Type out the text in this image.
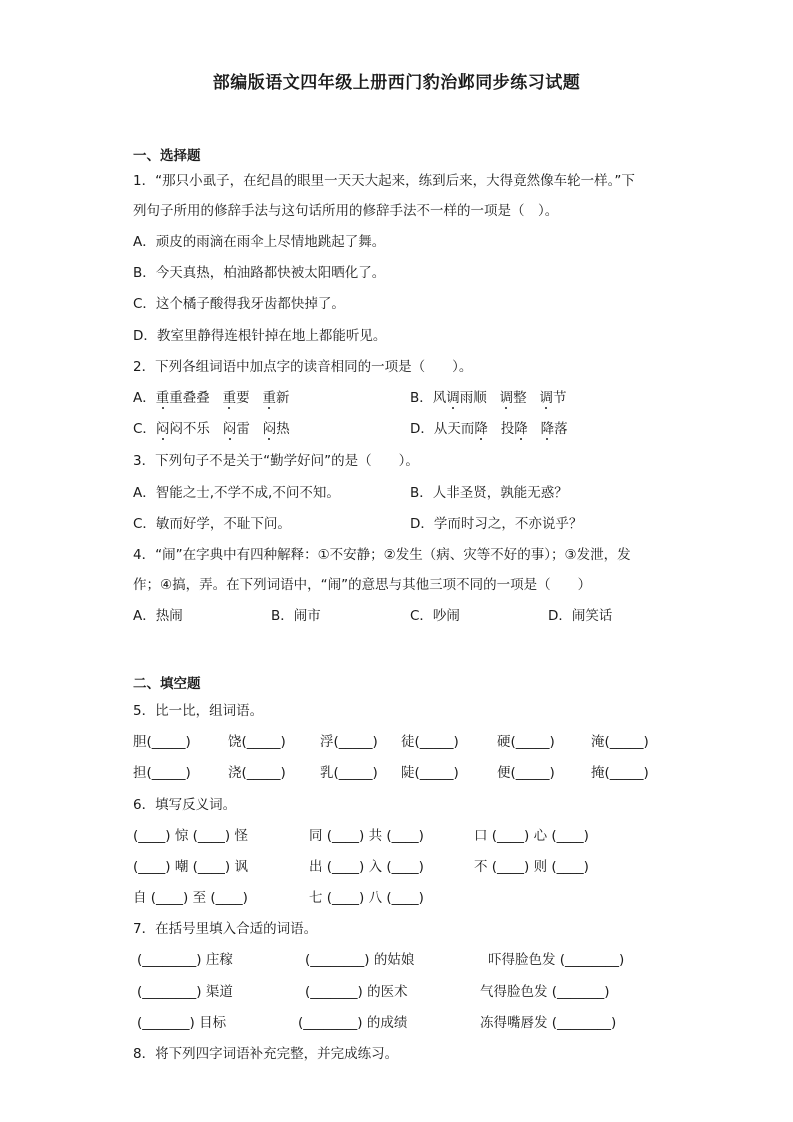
部编版语文四年级上册西门豹治邺同步练习试题
一、选择题
1．“那只小虱子，在纪昌的眼里一天天大起来，练到后来，大得竟然像车轮一样。”下
列句子所用的修辞手法与这句话所用的修辞手法不一样的一项是（　）。
A．顽皮的雨滴在雨伞上尽情地跳起了舞。
B．今天真热，柏油路都快被太阳晒化了。
C．这个橘子酸得我牙齿都快掉了。
D．教室里静得连根针掉在地上都能听见。
2．下列各组词语中加点字的读音相同的一项是（　　）。
A．重重叠叠 重要 重新	B．风调雨顺 调整 调节
C．闷闷不乐 闷雷 闷热	D．从天而降 投降 降落
3．下列句子不是关于“勤学好问”的是（　　）。
A．智能之士,不学不成,不问不知。	B．人非圣贤，孰能无惑？
C．敏而好学，不耻下问。	D．学而时习之，不亦说乎？
4．“闹”在字典中有四种解释：①不安静；②发生（病、灾等不好的事）；③发泄，发
作；④搞，弄。在下列词语中，“闹”的意思与其他三项不同的一项是（　　）
A．热闹	B．闹市	C．吵闹	D．闹笑话
二、填空题
5．比一比，组词语。
胆(_____)	饶(_____)	浮(_____) 徒(_____)	硬(_____)	淹(_____)
担(_____)	浇(_____)	乳(_____) 陡(_____)	便(_____)	掩(_____)
6．填写反义词。
(____) 惊 (____) 怪	同 (____) 共 (____)	口 (____) 心 (____)
(____) 嘲 (____) 讽	出 (____) 入 (____)	不 (____) 则 (____)
自 (____) 至 (____)	七 (____) 八 (____)
7．在括号里填入合适的词语。
(________) 庄稼	(________) 的姑娘	吓得脸色发 (________)
(________) 渠道	(_______) 的医术	气得脸色发 (_______)
(_______) 目标	(________) 的成绩	冻得嘴唇发 (________)
8．将下列四字词语补充完整，并完成练习。
